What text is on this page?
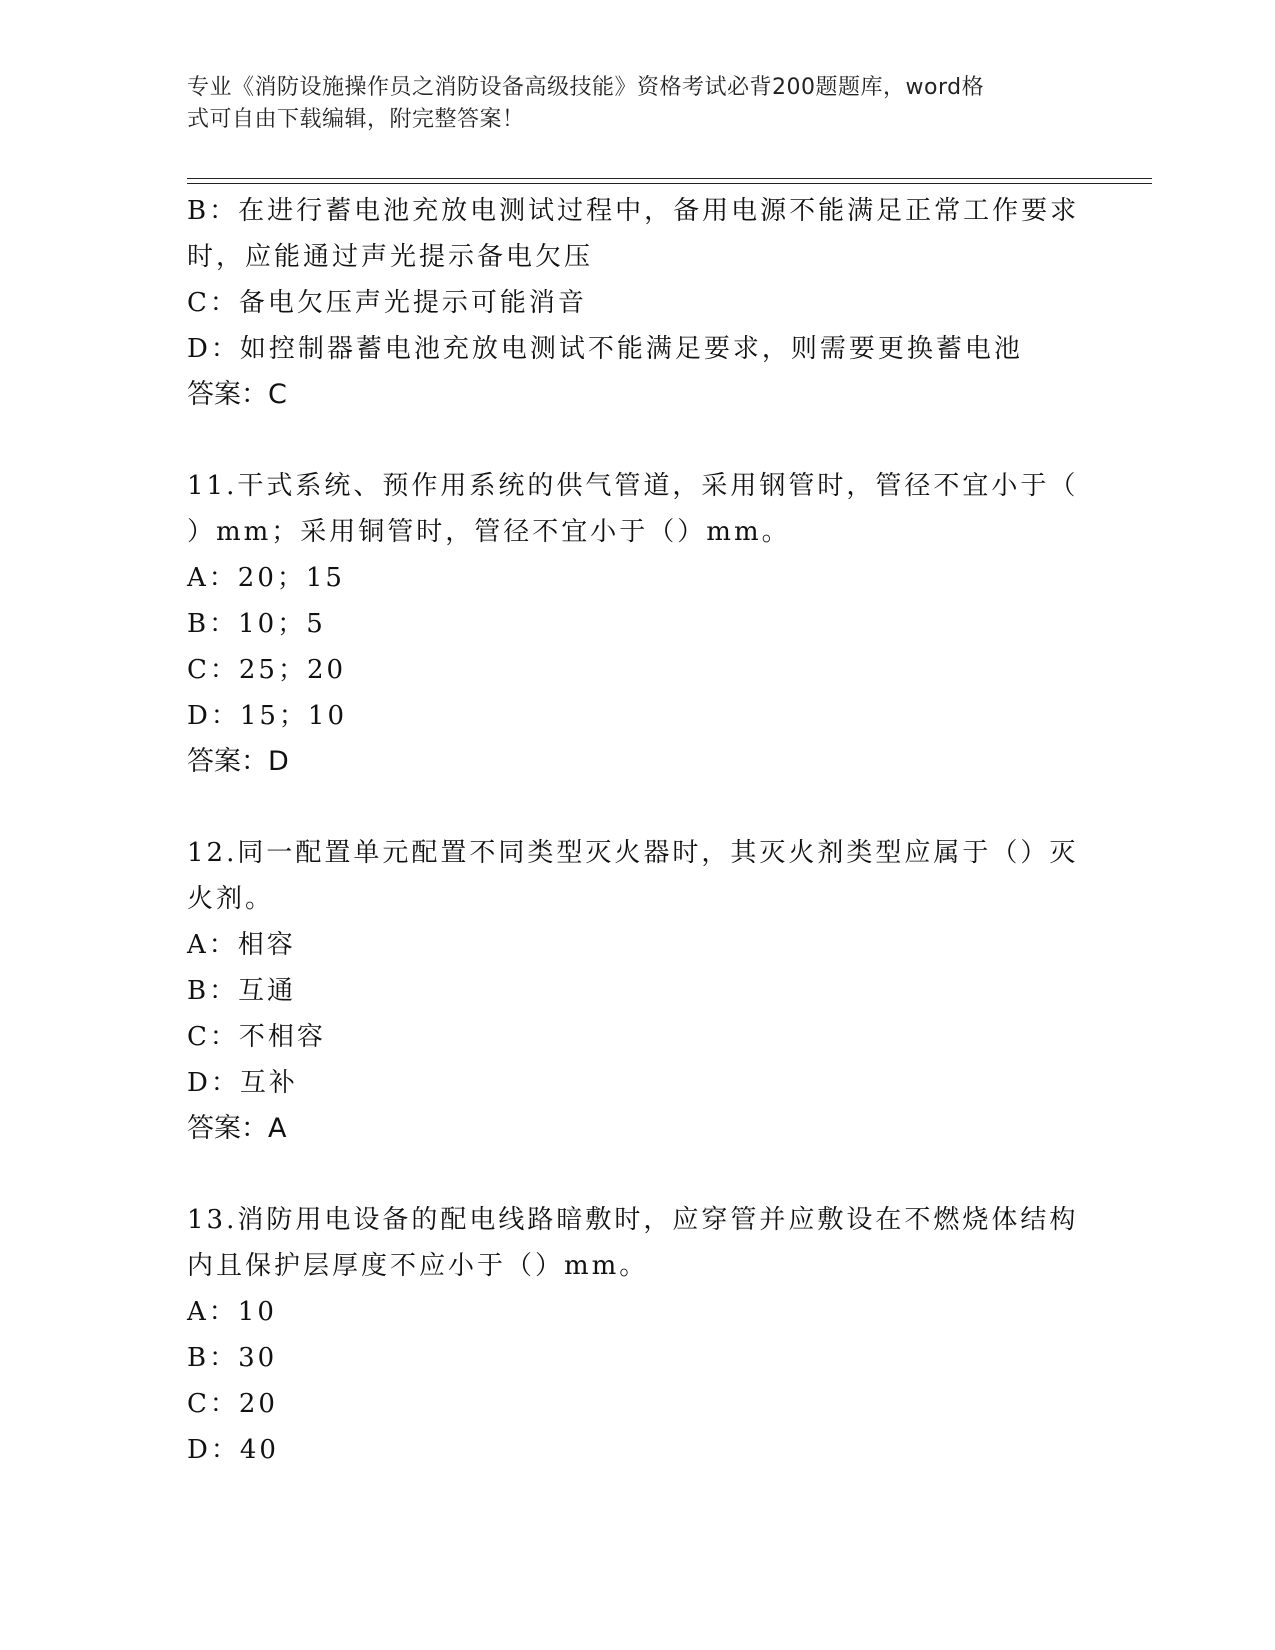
专业《消防设施操作员之消防设备高级技能》资格考试必背200题题库，word格
式可自由下载编辑，附完整答案！
B：在进行蓄电池充放电测试过程中，备用电源不能满足正常工作要求
时，应能通过声光提示备电欠压
C：备电欠压声光提示可能消音
D：如控制器蓄电池充放电测试不能满足要求，则需要更换蓄电池
答案：C
11.干式系统、预作用系统的供气管道，采用钢管时，管径不宜小于（
）mm；采用铜管时，管径不宜小于（）mm。
A：20；15
B：10；5
C：25；20
D：15；10
答案：D
12.同一配置单元配置不同类型灭火器时，其灭火剂类型应属于（）灭
火剂。
A：相容
B：互通
C：不相容
D：互补
答案：A
13.消防用电设备的配电线路暗敷时，应穿管并应敷设在不燃烧体结构
内且保护层厚度不应小于（）mm。
A：10
B：30
C：20
D：40
